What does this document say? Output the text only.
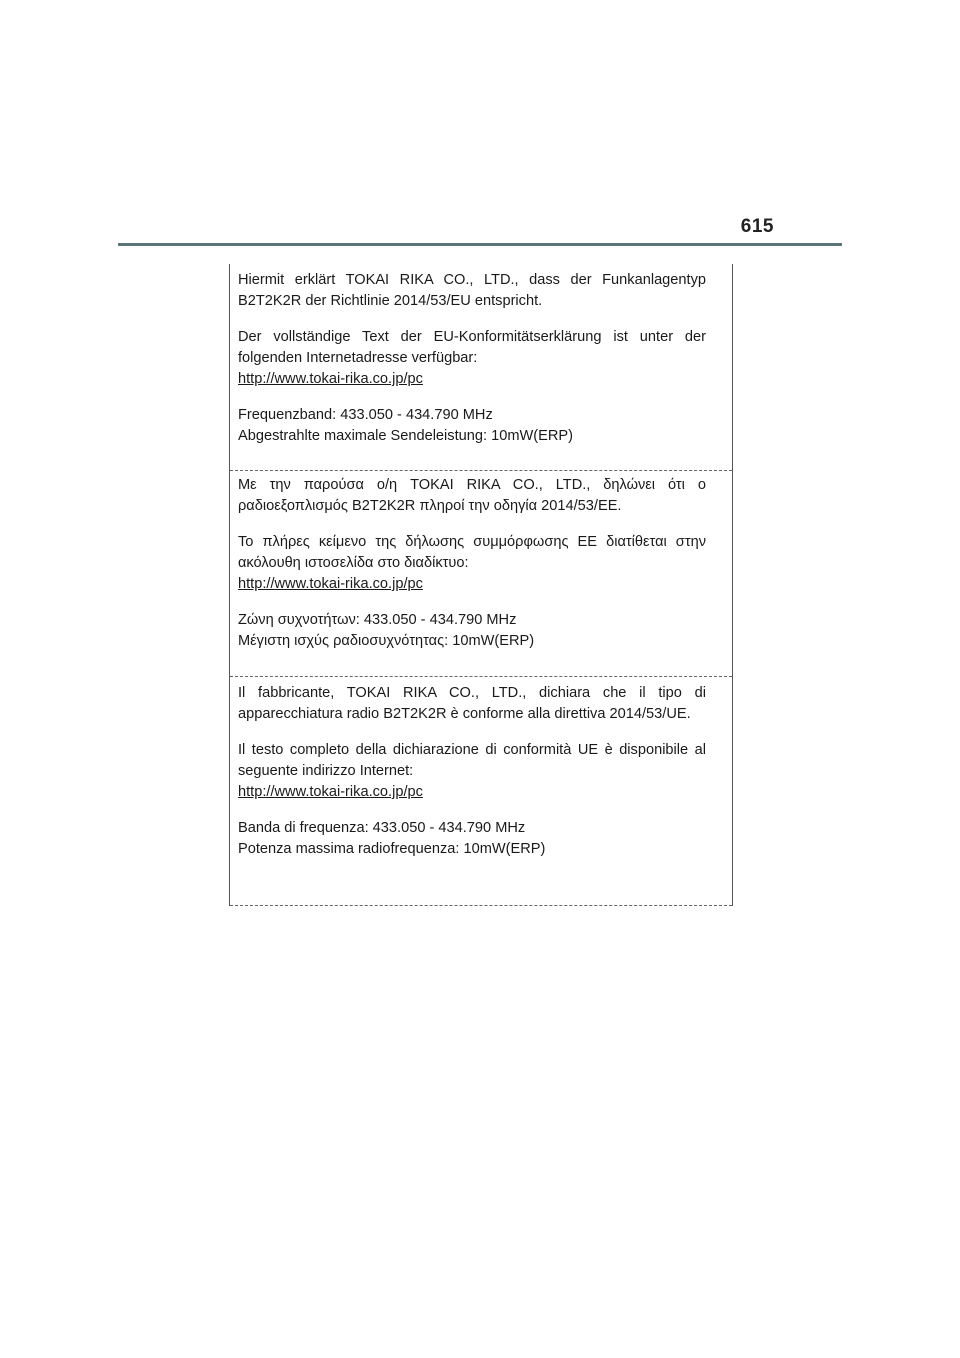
615

Hiermit erklärt TOKAI RIKA CO., LTD., dass der Funkanlagentyp B2T2K2R der Richtlinie 2014/53/EU entspricht.

Der vollständige Text der EU-Konformitätserklärung ist unter der folgenden Internetadresse verfügbar:

http://www.tokai-rika.co.jp/pc

Frequenzband: 433.050 - 434.790 MHz

Abgestrahlte maximale Sendeleistung: 10mW(ERP)

Με την παρούσα ο/η TOKAI RIKA CO., LTD., δηλώνει ότι ο ραδιοεξοπλισμός B2T2K2R πληροί την οδηγία 2014/53/ΕΕ.

Το πλήρες κείμενο της δήλωσης συμμόρφωσης ΕΕ διατίθεται στην ακόλουθη ιστοσελίδα στο διαδίκτυο:

http://www.tokai-rika.co.jp/pc

Ζώνη συχνοτήτων: 433.050 - 434.790 MHz

Μέγιστη ισχύς ραδιοσυχνότητας: 10mW(ERP)

Il fabbricante, TOKAI RIKA CO., LTD., dichiara che il tipo di apparecchiatura radio B2T2K2R è conforme alla direttiva 2014/53/UE.

Il testo completo della dichiarazione di conformità UE è disponibile al seguente indirizzo Internet:

http://www.tokai-rika.co.jp/pc

Banda di frequenza: 433.050 - 434.790 MHz

Potenza massima radiofrequenza: 10mW(ERP)
